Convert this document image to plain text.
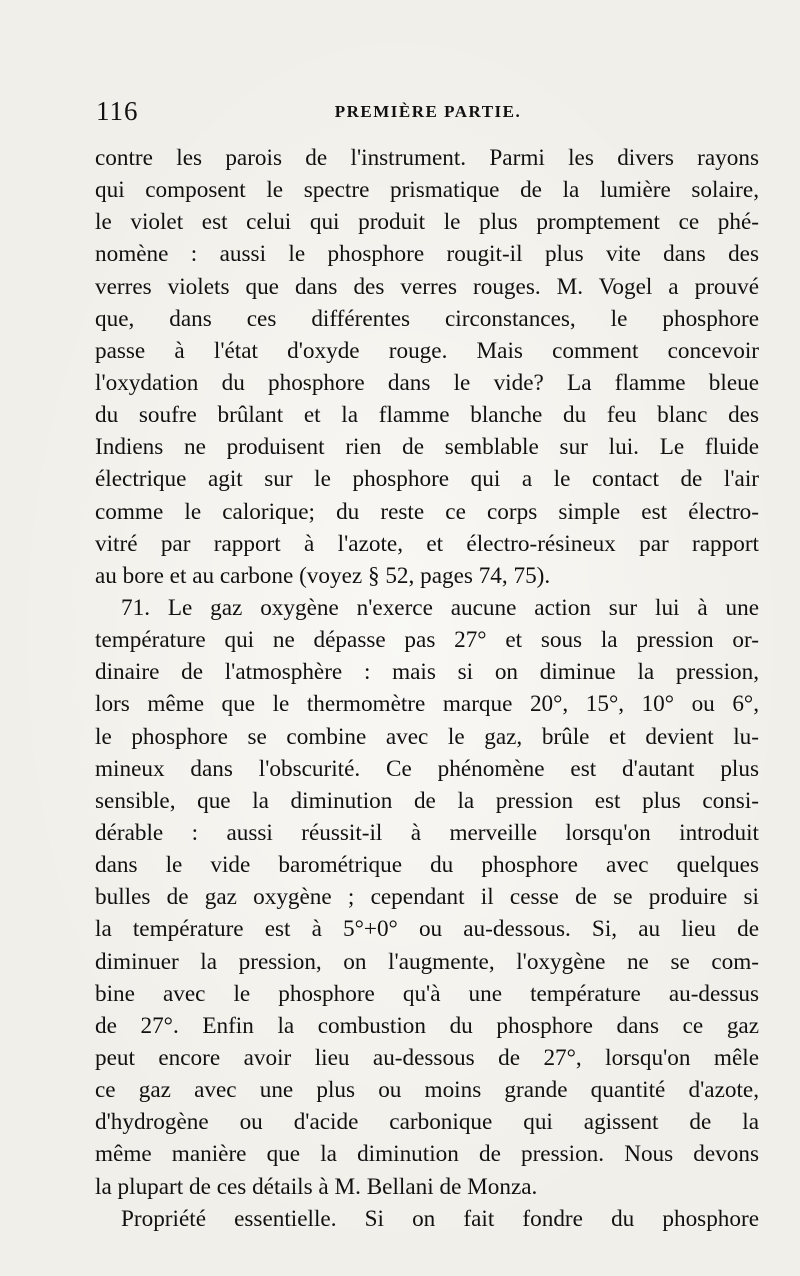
116	PREMIÈRE PARTIE.
contre les parois de l'instrument. Parmi les divers rayons
qui composent le spectre prismatique de la lumière solaire,
le violet est celui qui produit le plus promptement ce phé-
nomène : aussi le phosphore rougit-il plus vite dans des
verres violets que dans des verres rouges. M. Vogel a prouvé
que, dans ces différentes circonstances, le phosphore
passe à l'état d'oxyde rouge. Mais comment concevoir
l'oxydation du phosphore dans le vide? La flamme bleue
du soufre brûlant et la flamme blanche du feu blanc des
Indiens ne produisent rien de semblable sur lui. Le fluide
électrique agit sur le phosphore qui a le contact de l'air
comme le calorique; du reste ce corps simple est électro-
vitré par rapport à l'azote, et électro-résineux par rapport
au bore et au carbone (voyez § 52, pages 74, 75).
71. Le gaz oxygène n'exerce aucune action sur lui à une
température qui ne dépasse pas 27° et sous la pression or-
dinaire de l'atmosphère : mais si on diminue la pression,
lors même que le thermomètre marque 20°, 15°, 10° ou 6°,
le phosphore se combine avec le gaz, brûle et devient lu-
mineux dans l'obscurité. Ce phénomène est d'autant plus
sensible, que la diminution de la pression est plus consi-
dérable : aussi réussit-il à merveille lorsqu'on introduit
dans le vide barométrique du phosphore avec quelques
bulles de gaz oxygène ; cependant il cesse de se produire si
la température est à 5°+0° ou au-dessous. Si, au lieu de
diminuer la pression, on l'augmente, l'oxygène ne se com-
bine avec le phosphore qu'à une température au-dessus
de 27°. Enfin la combustion du phosphore dans ce gaz
peut encore avoir lieu au-dessous de 27°, lorsqu'on mêle
ce gaz avec une plus ou moins grande quantité d'azote,
d'hydrogène ou d'acide carbonique qui agissent de la
même manière que la diminution de pression. Nous devons
la plupart de ces détails à M. Bellani de Monza.
Propriété essentielle. Si on fait fondre du phosphore
